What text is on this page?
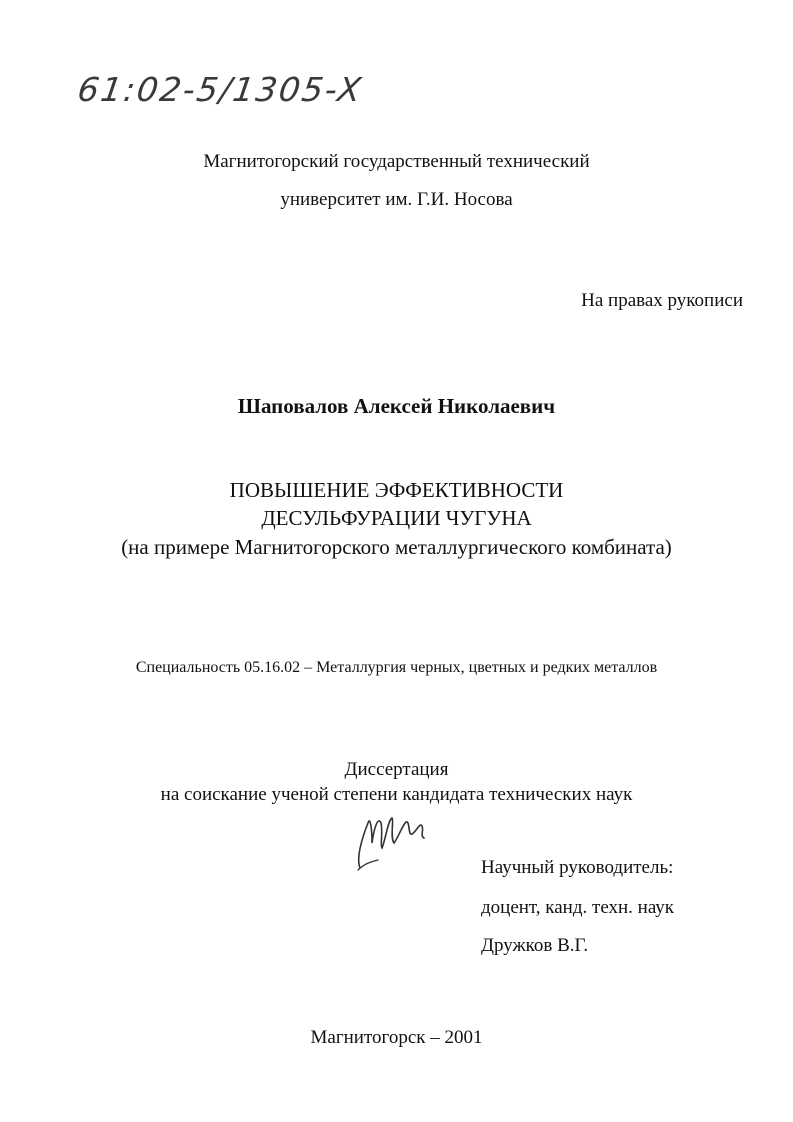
61:02-5/1305-X
Магнитогорский государственный технический
университет им. Г.И. Носова
На правах рукописи
Шаповалов Алексей Николаевич
ПОВЫШЕНИЕ ЭФФЕКТИВНОСТИ
ДЕСУЛЬФУРАЦИИ ЧУГУНА
(на примере Магнитогорского металлургического комбината)
Специальность 05.16.02 – Металлургия черных, цветных и редких металлов
Диссертация
на соискание ученой степени кандидата технических наук
Научный руководитель:
доцент, канд. техн. наук
Дружков В.Г.
Магнитогорск – 2001
